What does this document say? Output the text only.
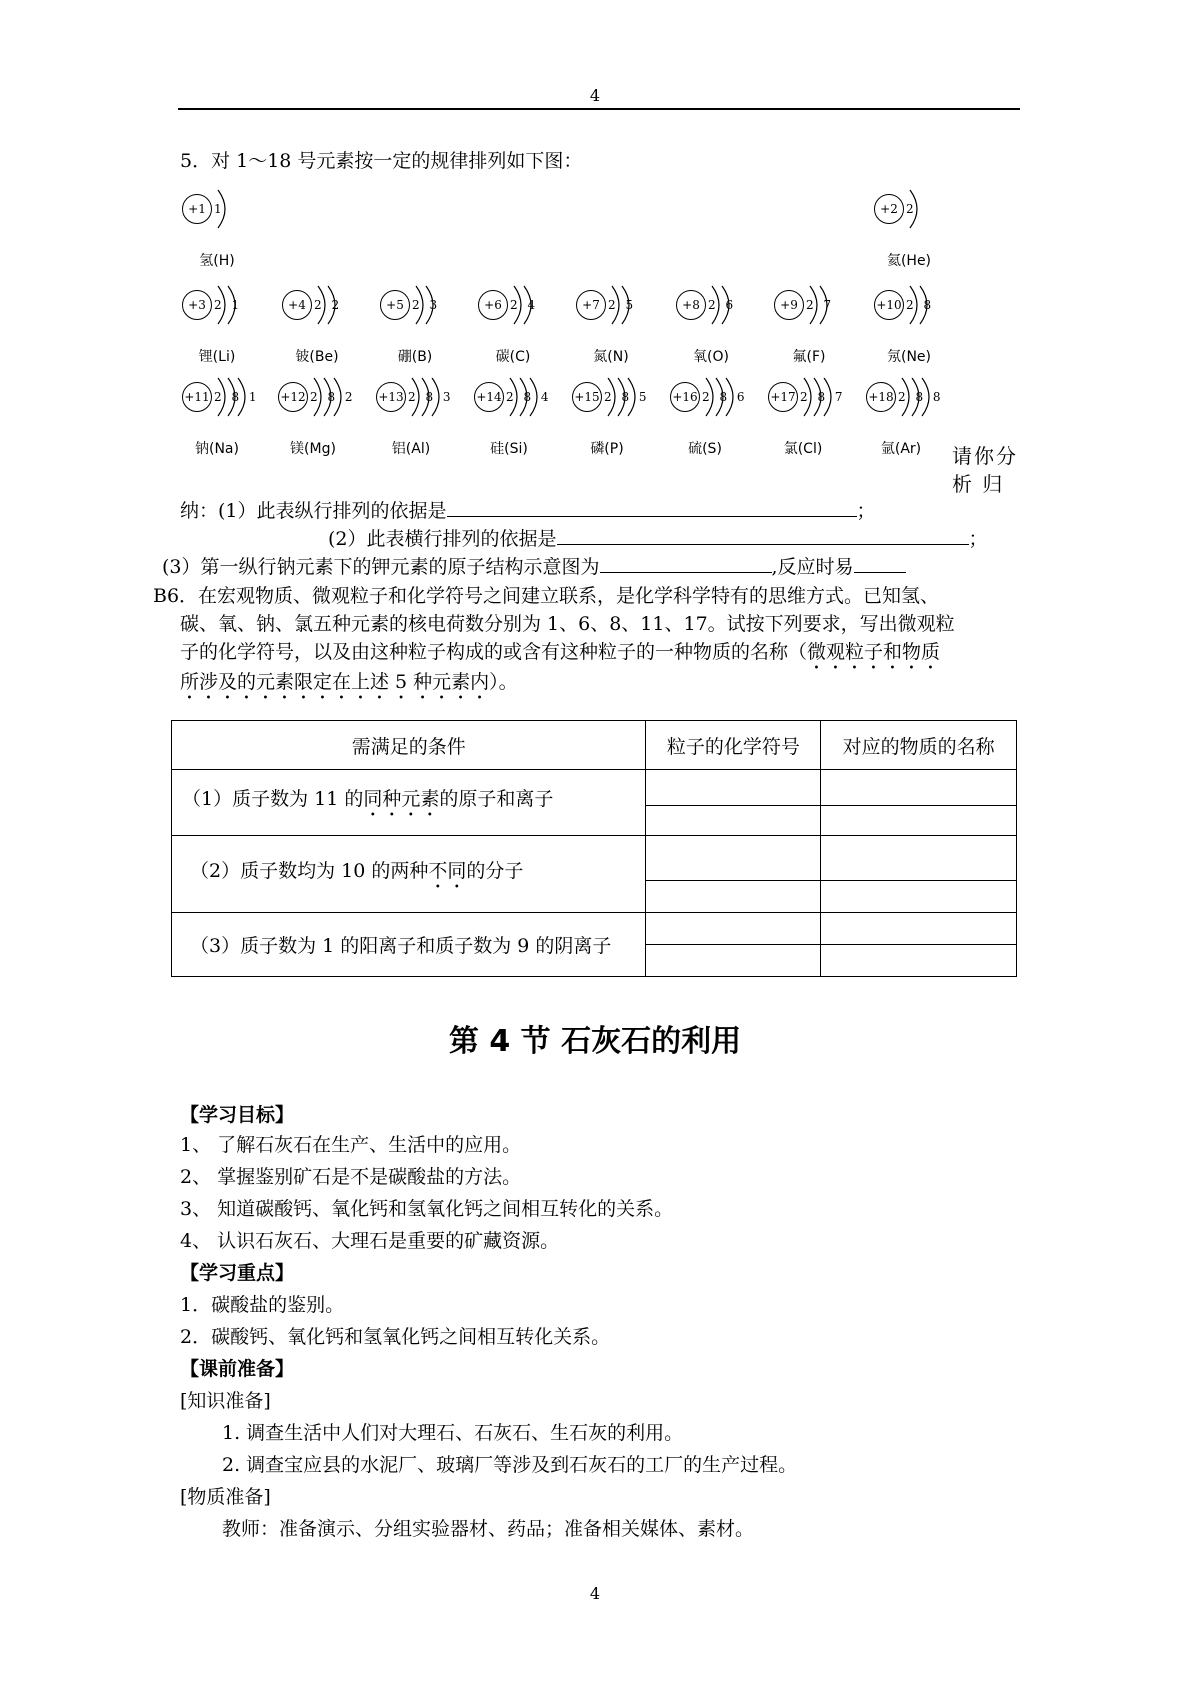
4
5．对 1～18 号元素按一定的规律排列如下图：
+1 1
氢(H)
+2 2
氦(He)
+3 2 1
锂(Li)
+4 2 2
铍(Be)
+5 2 3
硼(B)
+6 2 4
碳(C)
+7 2 5
氮(N)
+8 2 6
氧(O)
+9 2 7
氟(F)
+10 2 8
氖(Ne)
+11 2 8 1
钠(Na)
+12 2 8 2
镁(Mg)
+13 2 8 3
铝(Al)
+14 2 8 4
硅(Si)
+15 2 8 5
磷(P)
+16 2 8 6
硫(S)
+17 2 8 7
氯(Cl)
+18 2 8 8
氩(Ar)	请你分
析 归
纳：(1）此表纵行排列的依据是	；
(2）此表横行排列的依据是	；
(3）第一纵行钠元素下的钾元素的原子结构示意图为	,反应时易
B6．在宏观物质、微观粒子和化学符号之间建立联系，是化学科学特有的思维方式。已知氢、
碳、氧、钠、氯五种元素的核电荷数分别为 1、6、8、11、17。试按下列要求，写出微观粒
子的化学符号，以及由这种粒子构成的或含有这种粒子的一种物质的名称（微观粒子和物质
所涉及的元素限定在上述 5 种元素内）。
需满足的条件	粒子的化学符号	对应的物质的名称
（1）质子数为 11 的同种元素的原子和离子		

（2）质子数均为 10 的两种不同的分子		

（3）质子数为 1 的阳离子和质子数为 9 的阴离子		

第 4 节 石灰石的利用
【学习目标】
1、 了解石灰石在生产、生活中的应用。
2、 掌握鉴别矿石是不是碳酸盐的方法。
3、 知道碳酸钙、氧化钙和氢氧化钙之间相互转化的关系。
4、 认识石灰石、大理石是重要的矿藏资源。
【学习重点】
1．碳酸盐的鉴别。
2．碳酸钙、氧化钙和氢氧化钙之间相互转化关系。
【课前准备】
[知识准备]
1. 调查生活中人们对大理石、石灰石、生石灰的利用。
2. 调查宝应县的水泥厂、玻璃厂等涉及到石灰石的工厂的生产过程。
[物质准备]
教师：准备演示、分组实验器材、药品；准备相关媒体、素材。
4
